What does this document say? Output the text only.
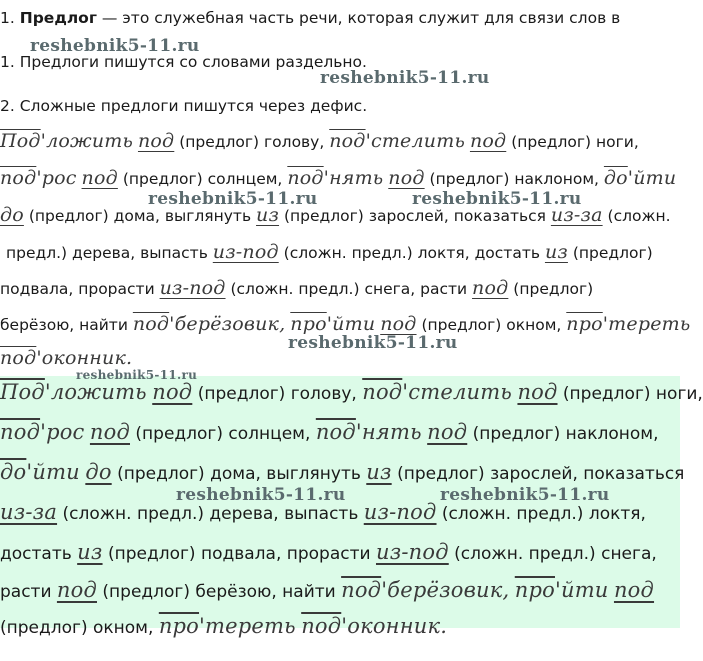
1. Предлог — это служебная часть речи, которая служит для связи слов в
1. Предлоги пишутся со словами раздельно.
2. Сложные предлоги пишутся через дефис.
Под'ложить под (предлог) голову, под'стелить под (предлог) ноги,
под'рос под (предлог) солнцем, под'нять под (предлог) наклоном, до'йти
до (предлог) дома, выглянуть из (предлог) зарослей, показаться из-за (сложн.
предл.) дерева, выпасть из-под (сложн. предл.) локтя, достать из (предлог)
подвала, прорасти из-под (сложн. предл.) снега, расти под (предлог)
берёзою, найти под'берёзовик, про'йти под (предлог) окном, про'тереть
под'оконник.
Под'ложить под (предлог) голову, под'стелить под (предлог) ноги,
под'рос под (предлог) солнцем, под'нять под (предлог) наклоном,
до'йти до (предлог) дома, выглянуть из (предлог) зарослей, показаться
из-за (сложн. предл.) дерева, выпасть из-под (сложн. предл.) локтя,
достать из (предлог) подвала, прорасти из-под (сложн. предл.) снега,
расти под (предлог) берёзою, найти под'берёзовик, про'йти под
(предлог) окном, про'тереть под'оконник.
reshebnik5-11.ru
reshebnik5-11.ru
reshebnik5-11.ru	reshebnik5-11.ru
reshebnik5-11.ru
reshebnik5-11.ru
reshebnik5-11.ru	reshebnik5-11.ru
